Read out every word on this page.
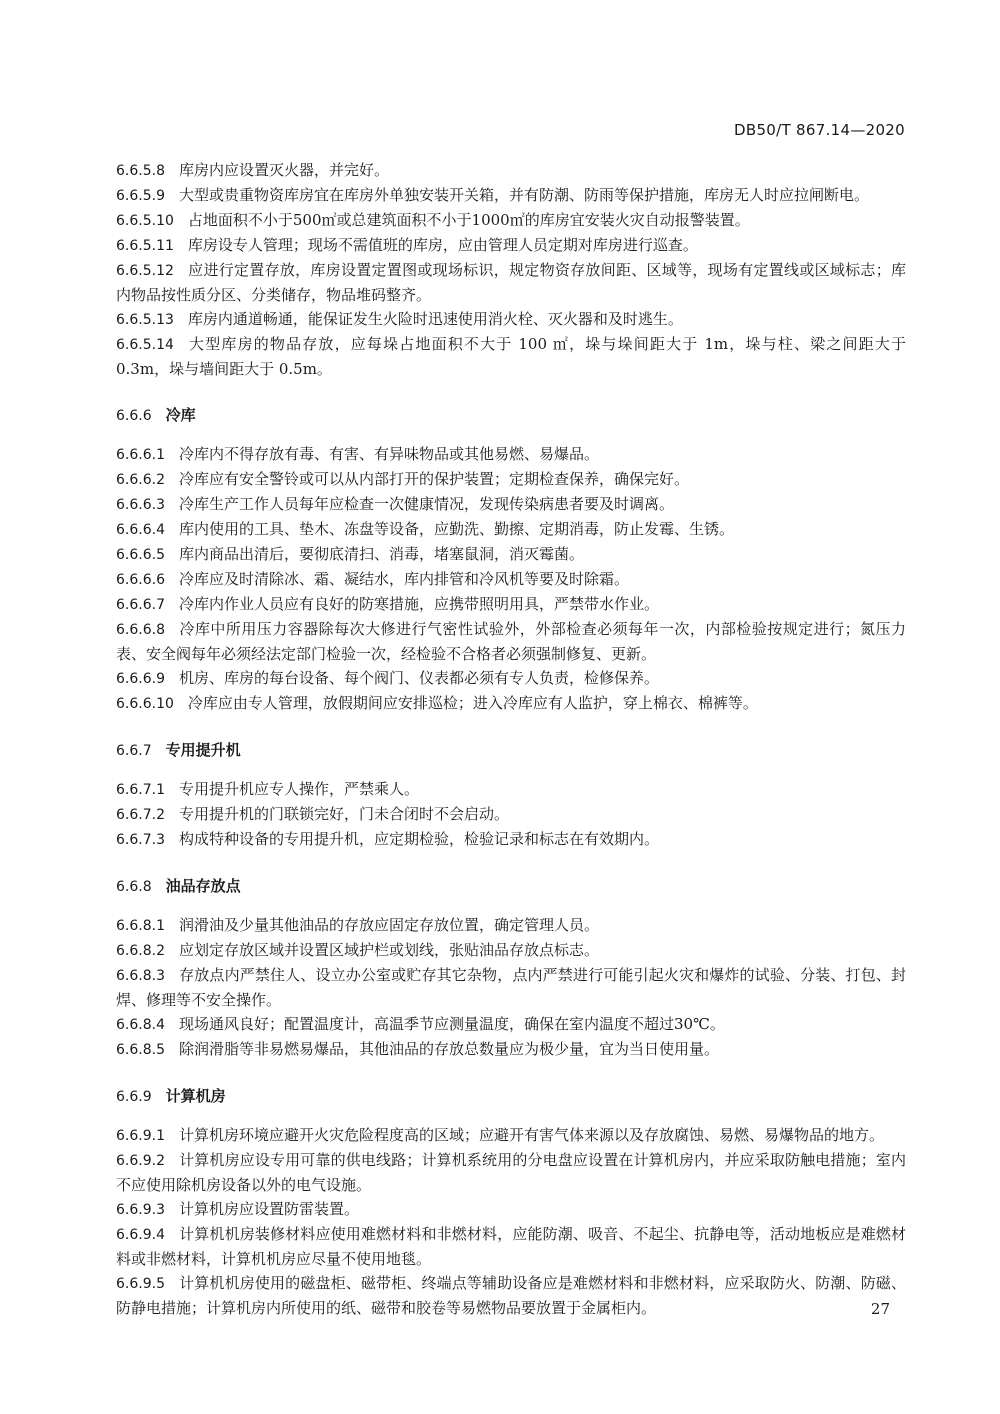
DB50/T 867.14—2020

6.6.5.8 库房内应设置灭火器，并完好。

6.6.5.9 大型或贵重物资库房宜在库房外单独安装开关箱，并有防潮、防雨等保护措施，库房无人时应拉闸断电。

6.6.5.10 占地面积不小于500㎡或总建筑面积不小于1000㎡的库房宜安装火灾自动报警装置。

6.6.5.11 库房设专人管理；现场不需值班的库房，应由管理人员定期对库房进行巡查。

6.6.5.12 应进行定置存放，库房设置定置图或现场标识，规定物资存放间距、区域等，现场有定置线或区域标志；库内物品按性质分区、分类储存，物品堆码整齐。

6.6.5.13 库房内通道畅通，能保证发生火险时迅速使用消火栓、灭火器和及时逃生。

6.6.5.14 大型库房的物品存放，应每垛占地面积不大于 100 ㎡，垛与垛间距大于 1m，垛与柱、梁之间距大于 0.3m，垛与墙间距大于 0.5m。

6.6.6 冷库

6.6.6.1 冷库内不得存放有毒、有害、有异味物品或其他易燃、易爆品。

6.6.6.2 冷库应有安全警铃或可以从内部打开的保护装置；定期检查保养，确保完好。

6.6.6.3 冷库生产工作人员每年应检查一次健康情况，发现传染病患者要及时调离。

6.6.6.4 库内使用的工具、垫木、冻盘等设备，应勤洗、勤擦、定期消毒，防止发霉、生锈。

6.6.6.5 库内商品出清后，要彻底清扫、消毒，堵塞鼠洞，消灭霉菌。

6.6.6.6 冷库应及时清除冰、霜、凝结水，库内排管和冷风机等要及时除霜。

6.6.6.7 冷库内作业人员应有良好的防寒措施，应携带照明用具，严禁带水作业。

6.6.6.8 冷库中所用压力容器除每次大修进行气密性试验外，外部检查必须每年一次，内部检验按规定进行；氮压力表、安全阀每年必须经法定部门检验一次，经检验不合格者必须强制修复、更新。

6.6.6.9 机房、库房的每台设备、每个阀门、仪表都必须有专人负责，检修保养。

6.6.6.10 冷库应由专人管理，放假期间应安排巡检；进入冷库应有人监护，穿上棉衣、棉裤等。

6.6.7 专用提升机

6.6.7.1 专用提升机应专人操作，严禁乘人。

6.6.7.2 专用提升机的门联锁完好，门未合闭时不会启动。

6.6.7.3 构成特种设备的专用提升机，应定期检验，检验记录和标志在有效期内。

6.6.8 油品存放点

6.6.8.1 润滑油及少量其他油品的存放应固定存放位置，确定管理人员。

6.6.8.2 应划定存放区域并设置区域护栏或划线，张贴油品存放点标志。

6.6.8.3 存放点内严禁住人、设立办公室或贮存其它杂物，点内严禁进行可能引起火灾和爆炸的试验、分装、打包、封焊、修理等不安全操作。

6.6.8.4 现场通风良好；配置温度计，高温季节应测量温度，确保在室内温度不超过30℃。

6.6.8.5 除润滑脂等非易燃易爆品，其他油品的存放总数量应为极少量，宜为当日使用量。

6.6.9 计算机房

6.6.9.1 计算机房环境应避开火灾危险程度高的区域；应避开有害气体来源以及存放腐蚀、易燃、易爆物品的地方。

6.6.9.2 计算机房应设专用可靠的供电线路；计算机系统用的分电盘应设置在计算机房内，并应采取防触电措施；室内不应使用除机房设备以外的电气设施。

6.6.9.3 计算机房应设置防雷装置。

6.6.9.4 计算机机房装修材料应使用难燃材料和非燃材料，应能防潮、吸音、不起尘、抗静电等，活动地板应是难燃材料或非燃材料，计算机机房应尽量不使用地毯。

6.6.9.5 计算机机房使用的磁盘柜、磁带柜、终端点等辅助设备应是难燃材料和非燃材料，应采取防火、防潮、防磁、防静电措施；计算机房内所使用的纸、磁带和胶卷等易燃物品要放置于金属柜内。	27
